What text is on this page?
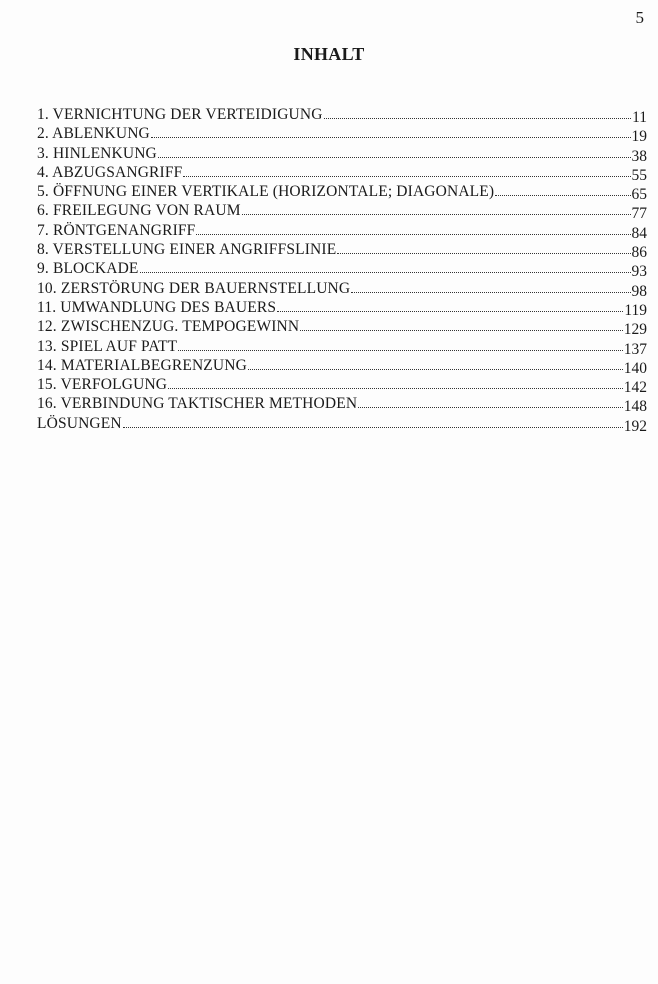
5
INHALT
1. VERNICHTUNG DER VERTEIDIGUNG	11
2. ABLENKUNG	19
3. HINLENKUNG	38
4. ABZUGSANGRIFF	55
5. ÖFFNUNG EINER VERTIKALE (HORIZONTALE; DIAGONALE)	65
6. FREILEGUNG VON RAUM	77
7. RÖNTGENANGRIFF	84
8. VERSTELLUNG EINER ANGRIFFSLINIE	86
9. BLOCKADE	93
10. ZERSTÖRUNG DER BAUERNSTELLUNG	98
11. UMWANDLUNG DES BAUERS	119
12. ZWISCHENZUG. TEMPOGEWINN	129
13. SPIEL AUF PATT	137
14. MATERIALBEGRENZUNG	140
15. VERFOLGUNG	142
16. VERBINDUNG TAKTISCHER METHODEN	148
LÖSUNGEN	192
